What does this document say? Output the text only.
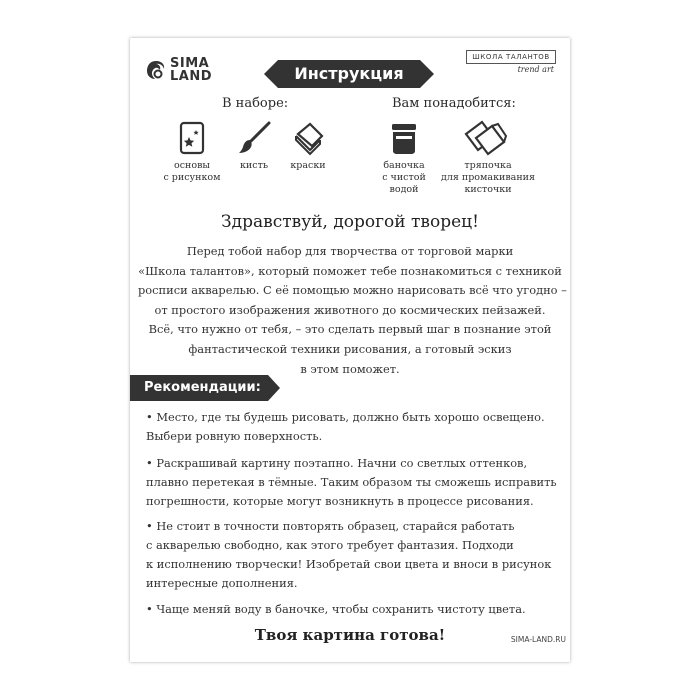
SIMA
LAND	Инструкция
ШКОЛА ТАЛАНТОВ
trend art
В наборе:
основы
с рисунком
кисть	краски
Вам понадобится:
баночка
с чистой
водой
тряпочка
для промакивания
кисточки
Здравствуй, дорогой творец!
Перед тобой набор для творчества от торговой марки
«Школа талантов», который поможет тебе познакомиться с техникой
росписи акварелью. С её помощью можно нарисовать всё что угодно –
от простого изображения животного до космических пейзажей.
Всё, что нужно от тебя, – это сделать первый шаг в познание этой
фантастической техники рисования, а готовый эскиз
в этом поможет.
Рекомендации:
• Место, где ты будешь рисовать, должно быть хорошо освещено.
Выбери ровную поверхность.
• Раскрашивай картину поэтапно. Начни со светлых оттенков,
плавно перетекая в тёмные. Таким образом ты сможешь исправить
погрешности, которые могут возникнуть в процессе рисования.
• Не стоит в точности повторять образец, старайся работать
с акварелью свободно, как этого требует фантазия. Подходи
к исполнению творчески! Изобретай свои цвета и вноси в рисунок
интересные дополнения.
• Чаще меняй воду в баночке, чтобы сохранить чистоту цвета.
Твоя картина готова!	SIMA-LAND.RU
